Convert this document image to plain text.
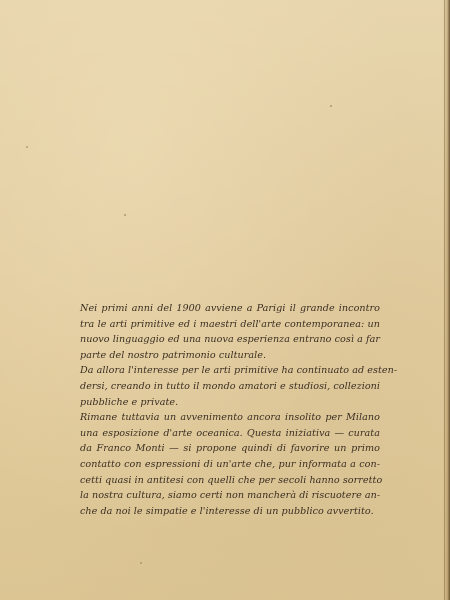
Nei primi anni del 1900 avviene a Parigi il grande incontro
tra le arti primitive ed i maestri dell'arte contemporanea: un
nuovo linguaggio ed una nuova esperienza entrano così a far
parte del nostro patrimonio culturale.
Da allora l'interesse per le arti primitive ha continuato ad esten-
dersi, creando in tutto il mondo amatori e studiosi, collezioni
pubbliche e private.
Rimane tuttavia un avvenimento ancora insolito per Milano
una esposizione d'arte oceanica. Questa iniziativa — curata
da Franco Monti — si propone quindi di favorire un primo
contatto con espressioni di un'arte che, pur informata a con-
cetti quasi in antitesi con quelli che per secoli hanno sorretto
la nostra cultura, siamo certi non mancherà di riscuotere an-
che da noi le simpatie e l'interesse di un pubblico avvertito.
